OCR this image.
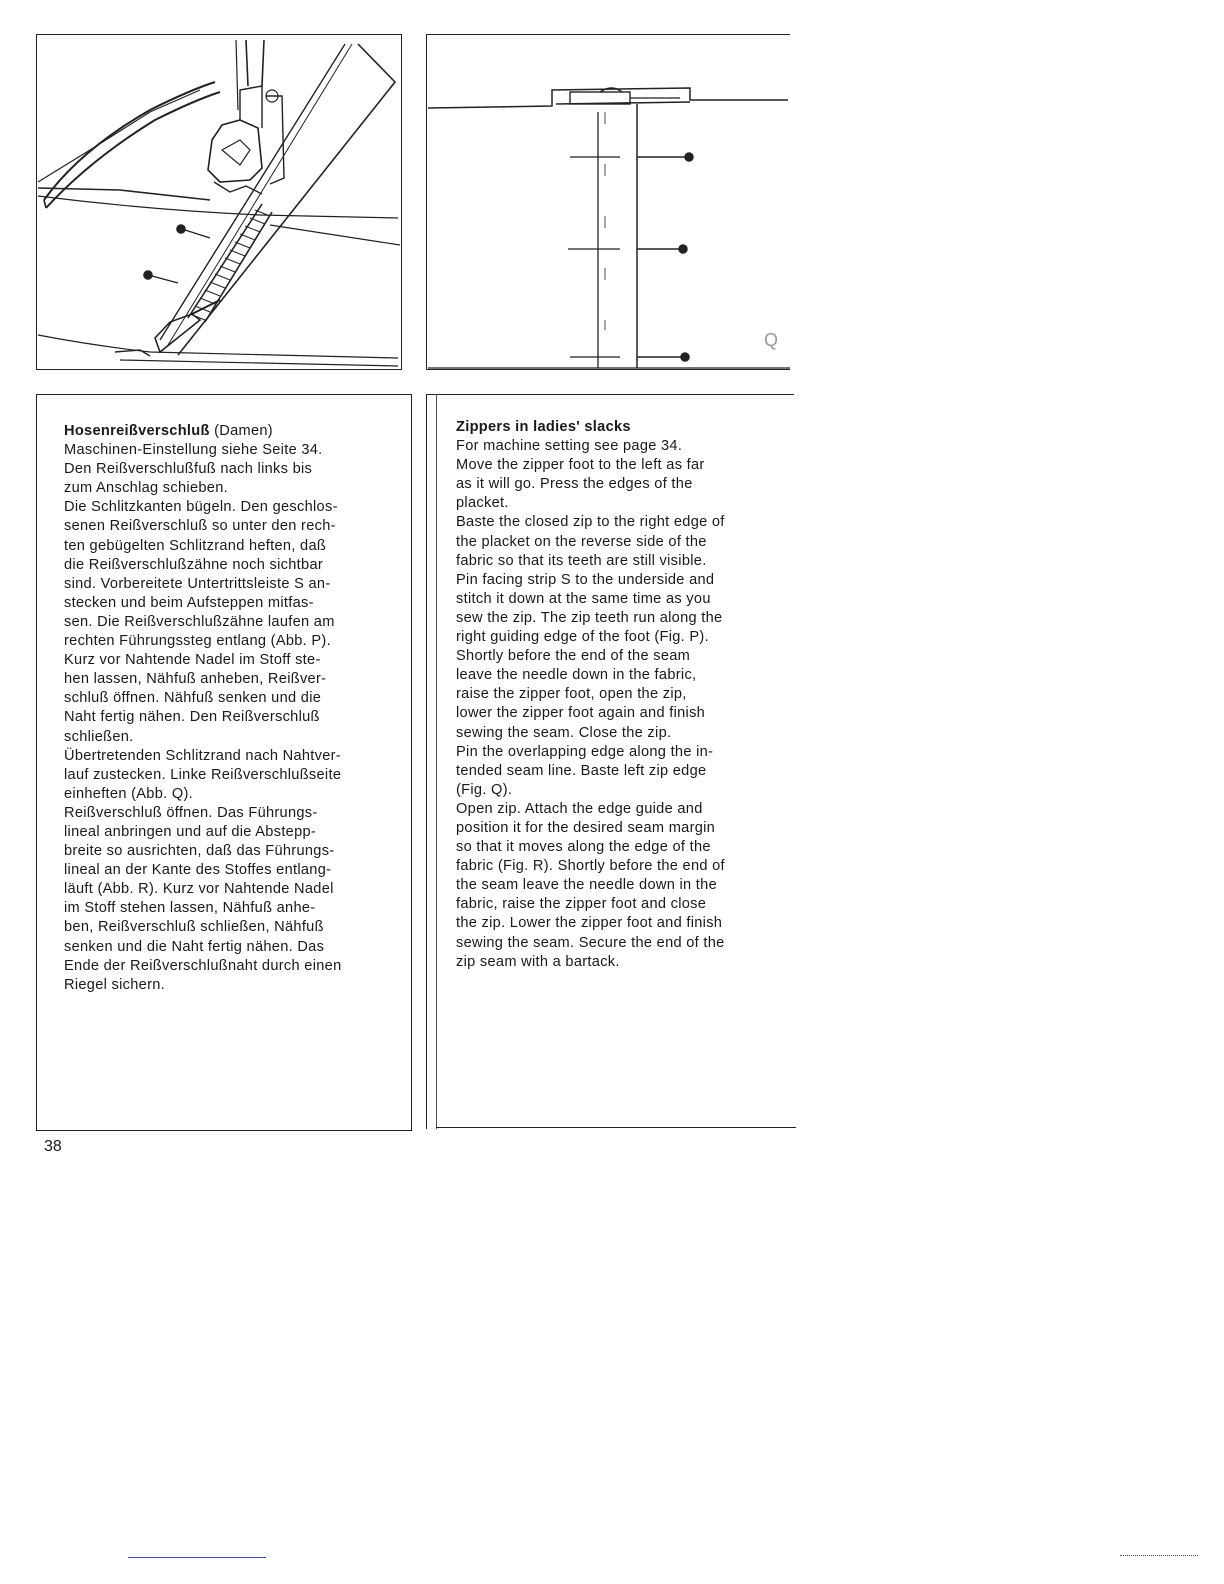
Q
Hosenreißverschluß (Damen)
Maschinen-Einstellung siehe Seite 34.
Den Reißverschlußfuß nach links bis
zum Anschlag schieben.
Die Schlitzkanten bügeln. Den geschlos-
senen Reißverschluß so unter den rech-
ten gebügelten Schlitzrand heften, daß
die Reißverschlußzähne noch sichtbar
sind. Vorbereitete Untertrittsleiste S an-
stecken und beim Aufsteppen mitfas-
sen. Die Reißverschlußzähne laufen am
rechten Führungssteg entlang (Abb. P).
Kurz vor Nahtende Nadel im Stoff ste-
hen lassen, Nähfuß anheben, Reißver-
schluß öffnen. Nähfuß senken und die
Naht fertig nähen. Den Reißverschluß
schließen.
Übertretenden Schlitzrand nach Nahtver-
lauf zustecken. Linke Reißverschlußseite
einheften (Abb. Q).
Reißverschluß öffnen. Das Führungs-
lineal anbringen und auf die Abstepp-
breite so ausrichten, daß das Führungs-
lineal an der Kante des Stoffes entlang-
läuft (Abb. R). Kurz vor Nahtende Nadel
im Stoff stehen lassen, Nähfuß anhe-
ben, Reißverschluß schließen, Nähfuß
senken und die Naht fertig nähen. Das
Ende der Reißverschlußnaht durch einen
Riegel sichern.
Zippers in ladies' slacks
For machine setting see page 34.
Move the zipper foot to the left as far
as it will go. Press the edges of the
placket.
Baste the closed zip to the right edge of
the placket on the reverse side of the
fabric so that its teeth are still visible.
Pin facing strip S to the underside and
stitch it down at the same time as you
sew the zip. The zip teeth run along the
right guiding edge of the foot (Fig. P).
Shortly before the end of the seam
leave the needle down in the fabric,
raise the zipper foot, open the zip,
lower the zipper foot again and finish
sewing the seam. Close the zip.
Pin the overlapping edge along the in-
tended seam line. Baste left zip edge
(Fig. Q).
Open zip. Attach the edge guide and
position it for the desired seam margin
so that it moves along the edge of the
fabric (Fig. R). Shortly before the end of
the seam leave the needle down in the
fabric, raise the zipper foot and close
the zip. Lower the zipper foot and finish
sewing the seam. Secure the end of the
zip seam with a bartack.
38
